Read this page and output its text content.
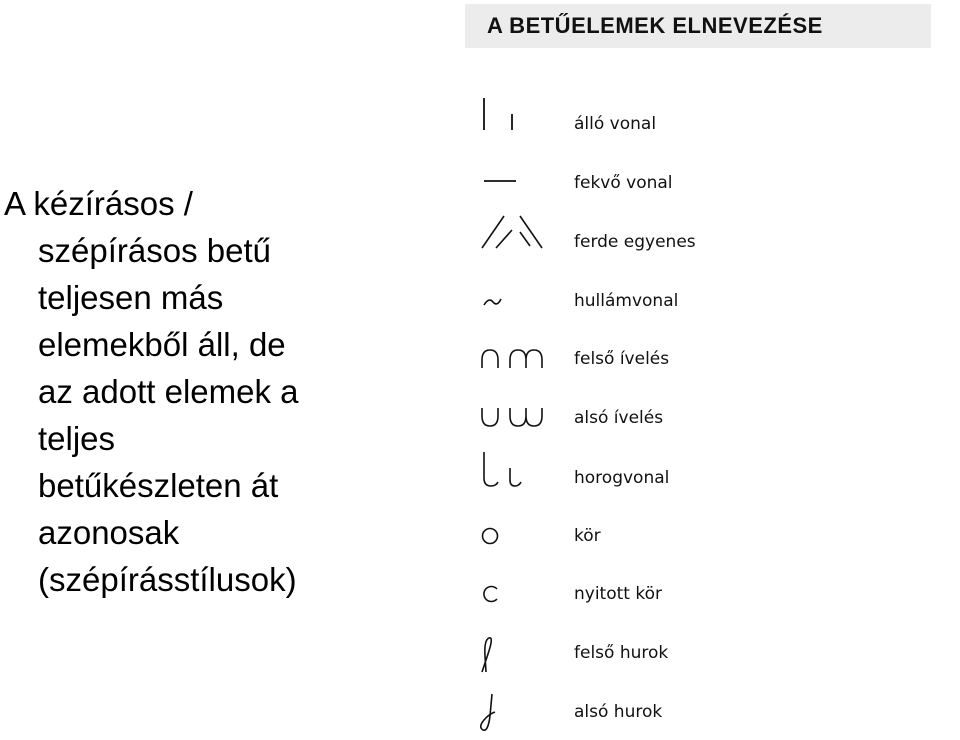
A kézírásos /
szépírásos betű
teljesen más
elemekből áll, de
az adott elemek a
teljes
betűkészleten át
azonosak
(szépírásstílusok)
A BETŰELEMEK ELNEVEZÉSE
álló vonal
fekvő vonal
ferde egyenes
hullámvonal
felső ívelés
alsó ívelés
horogvonal
kör
nyitott kör
felső hurok
alsó hurok
